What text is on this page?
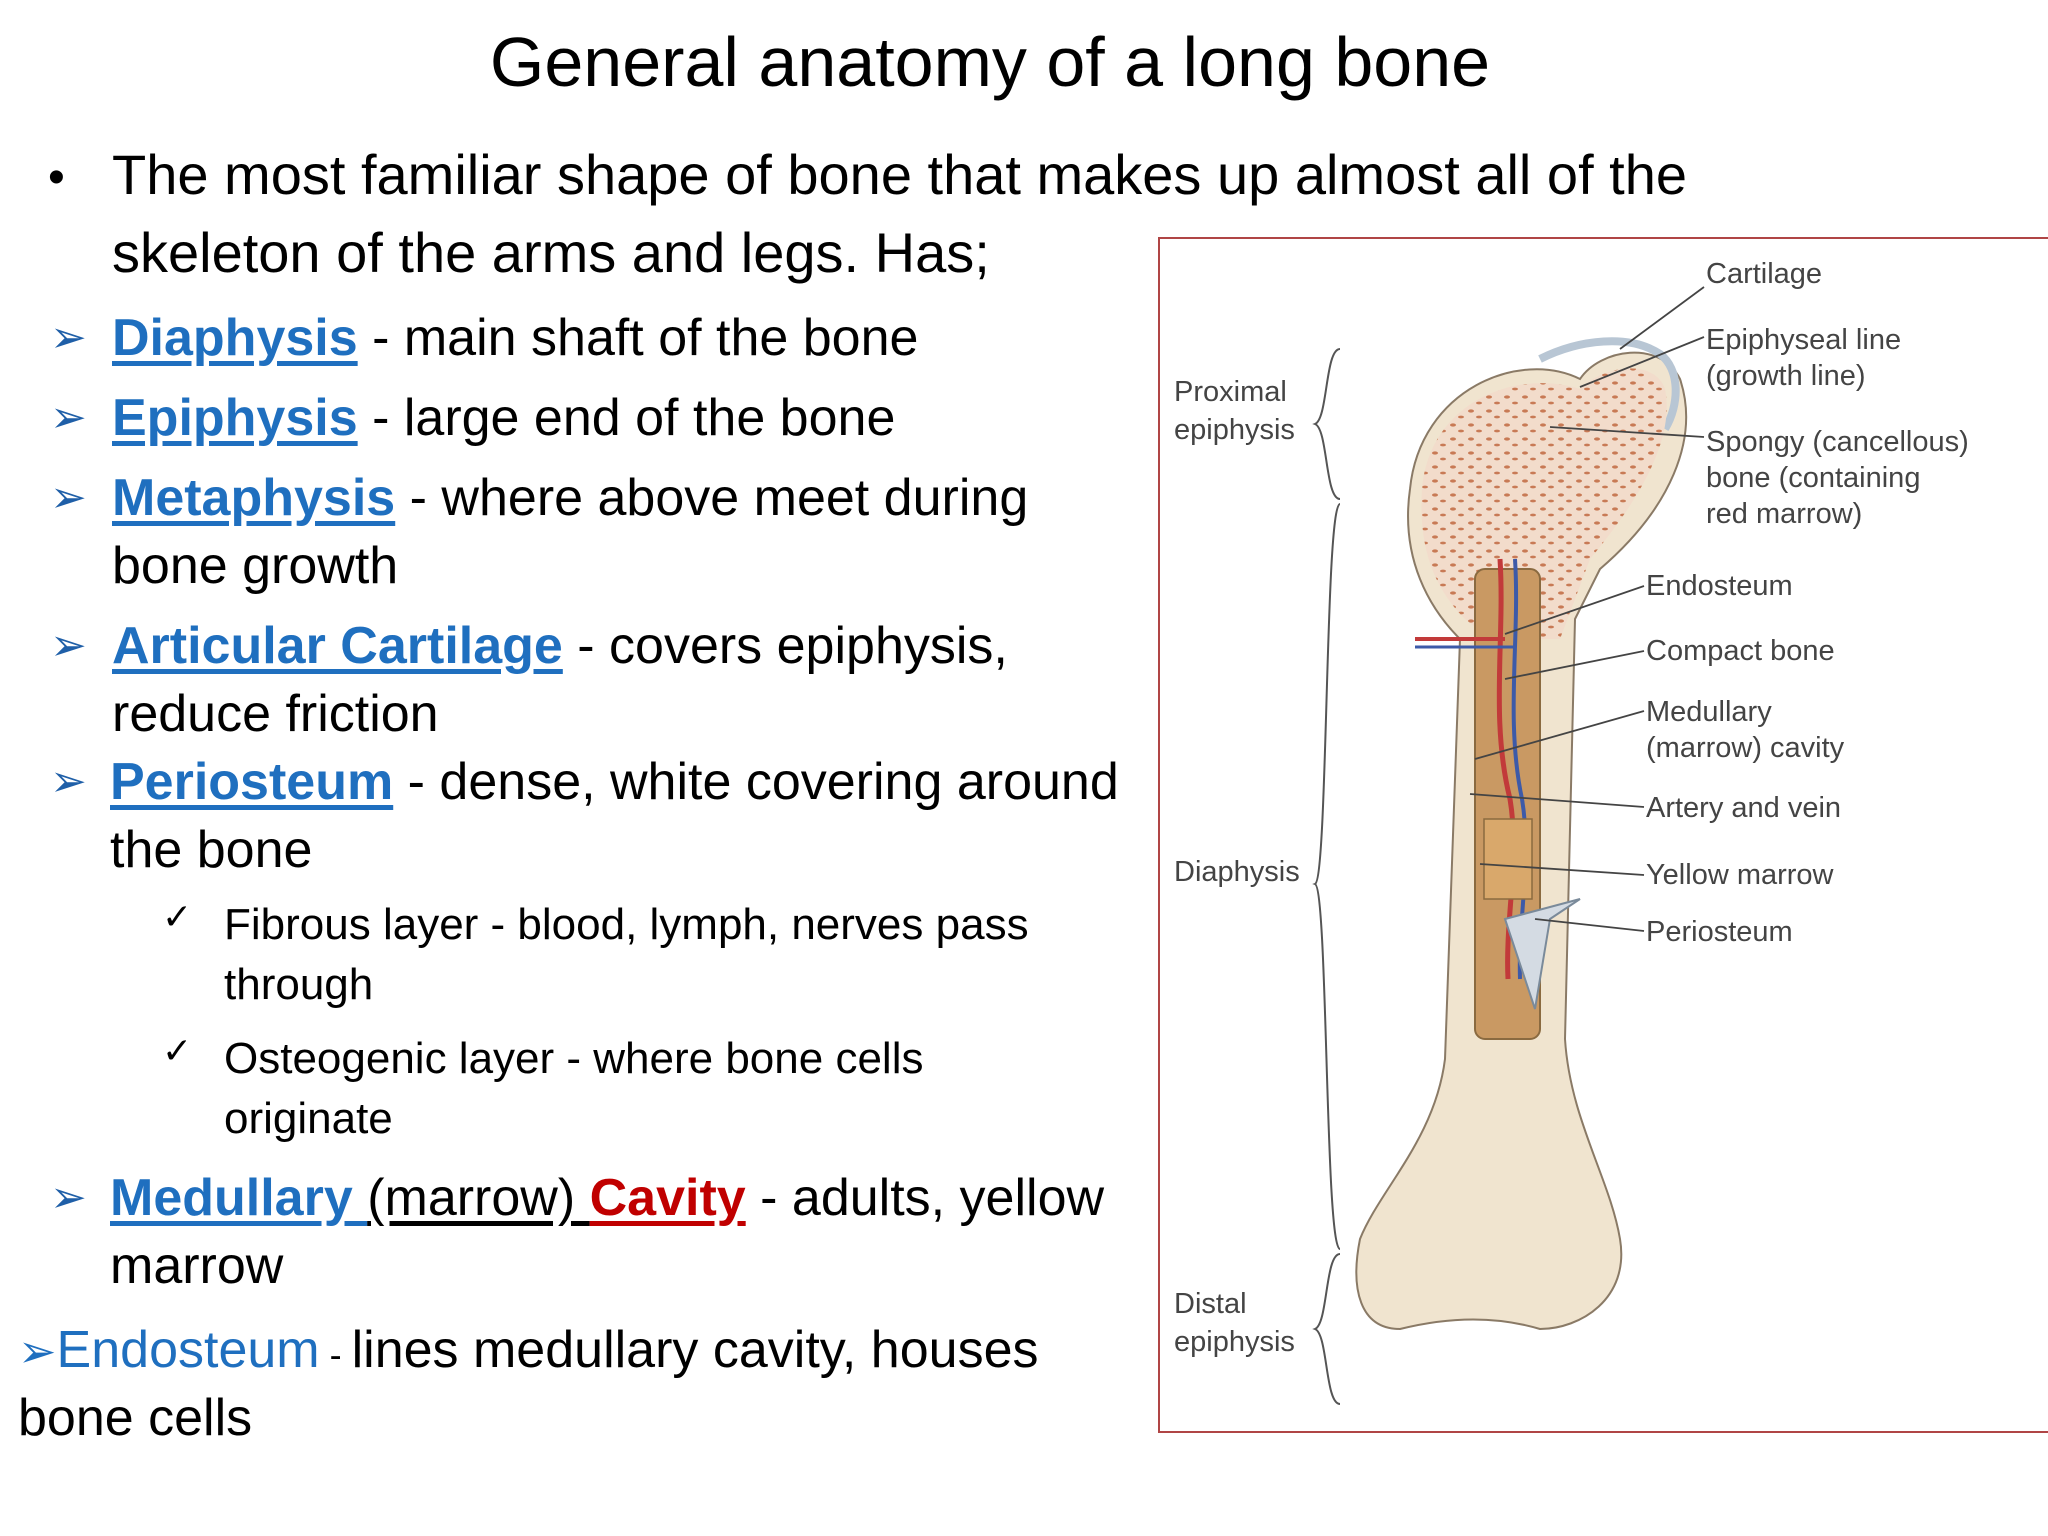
General anatomy of a long bone
• The most familiar shape of bone that makes up almost all of the
skeleton of the arms and legs. Has;
➢ Diaphysis - main shaft of the bone
➢ Epiphysis - large end of the bone
➢ Metaphysis - where above meet during
bone growth
➢ Articular Cartilage - covers epiphysis,
reduce friction
➢ Periosteum - dense, white covering around
the bone
✓ Fibrous layer - blood, lymph, nerves pass
through
✓ Osteogenic layer - where bone cells
originate
➢ Medullary (marrow) Cavity - adults, yellow
marrow
➢Endosteum - lines medullary cavity, houses
bone cells
Proximal
epiphysis
Diaphysis
Distal
epiphysis
Cartilage
Epiphyseal line
(growth line)
Spongy (cancellous)
bone (containing
red marrow)
Endosteum
Compact bone
Medullary
(marrow) cavity
Artery and vein
Yellow marrow
Periosteum
